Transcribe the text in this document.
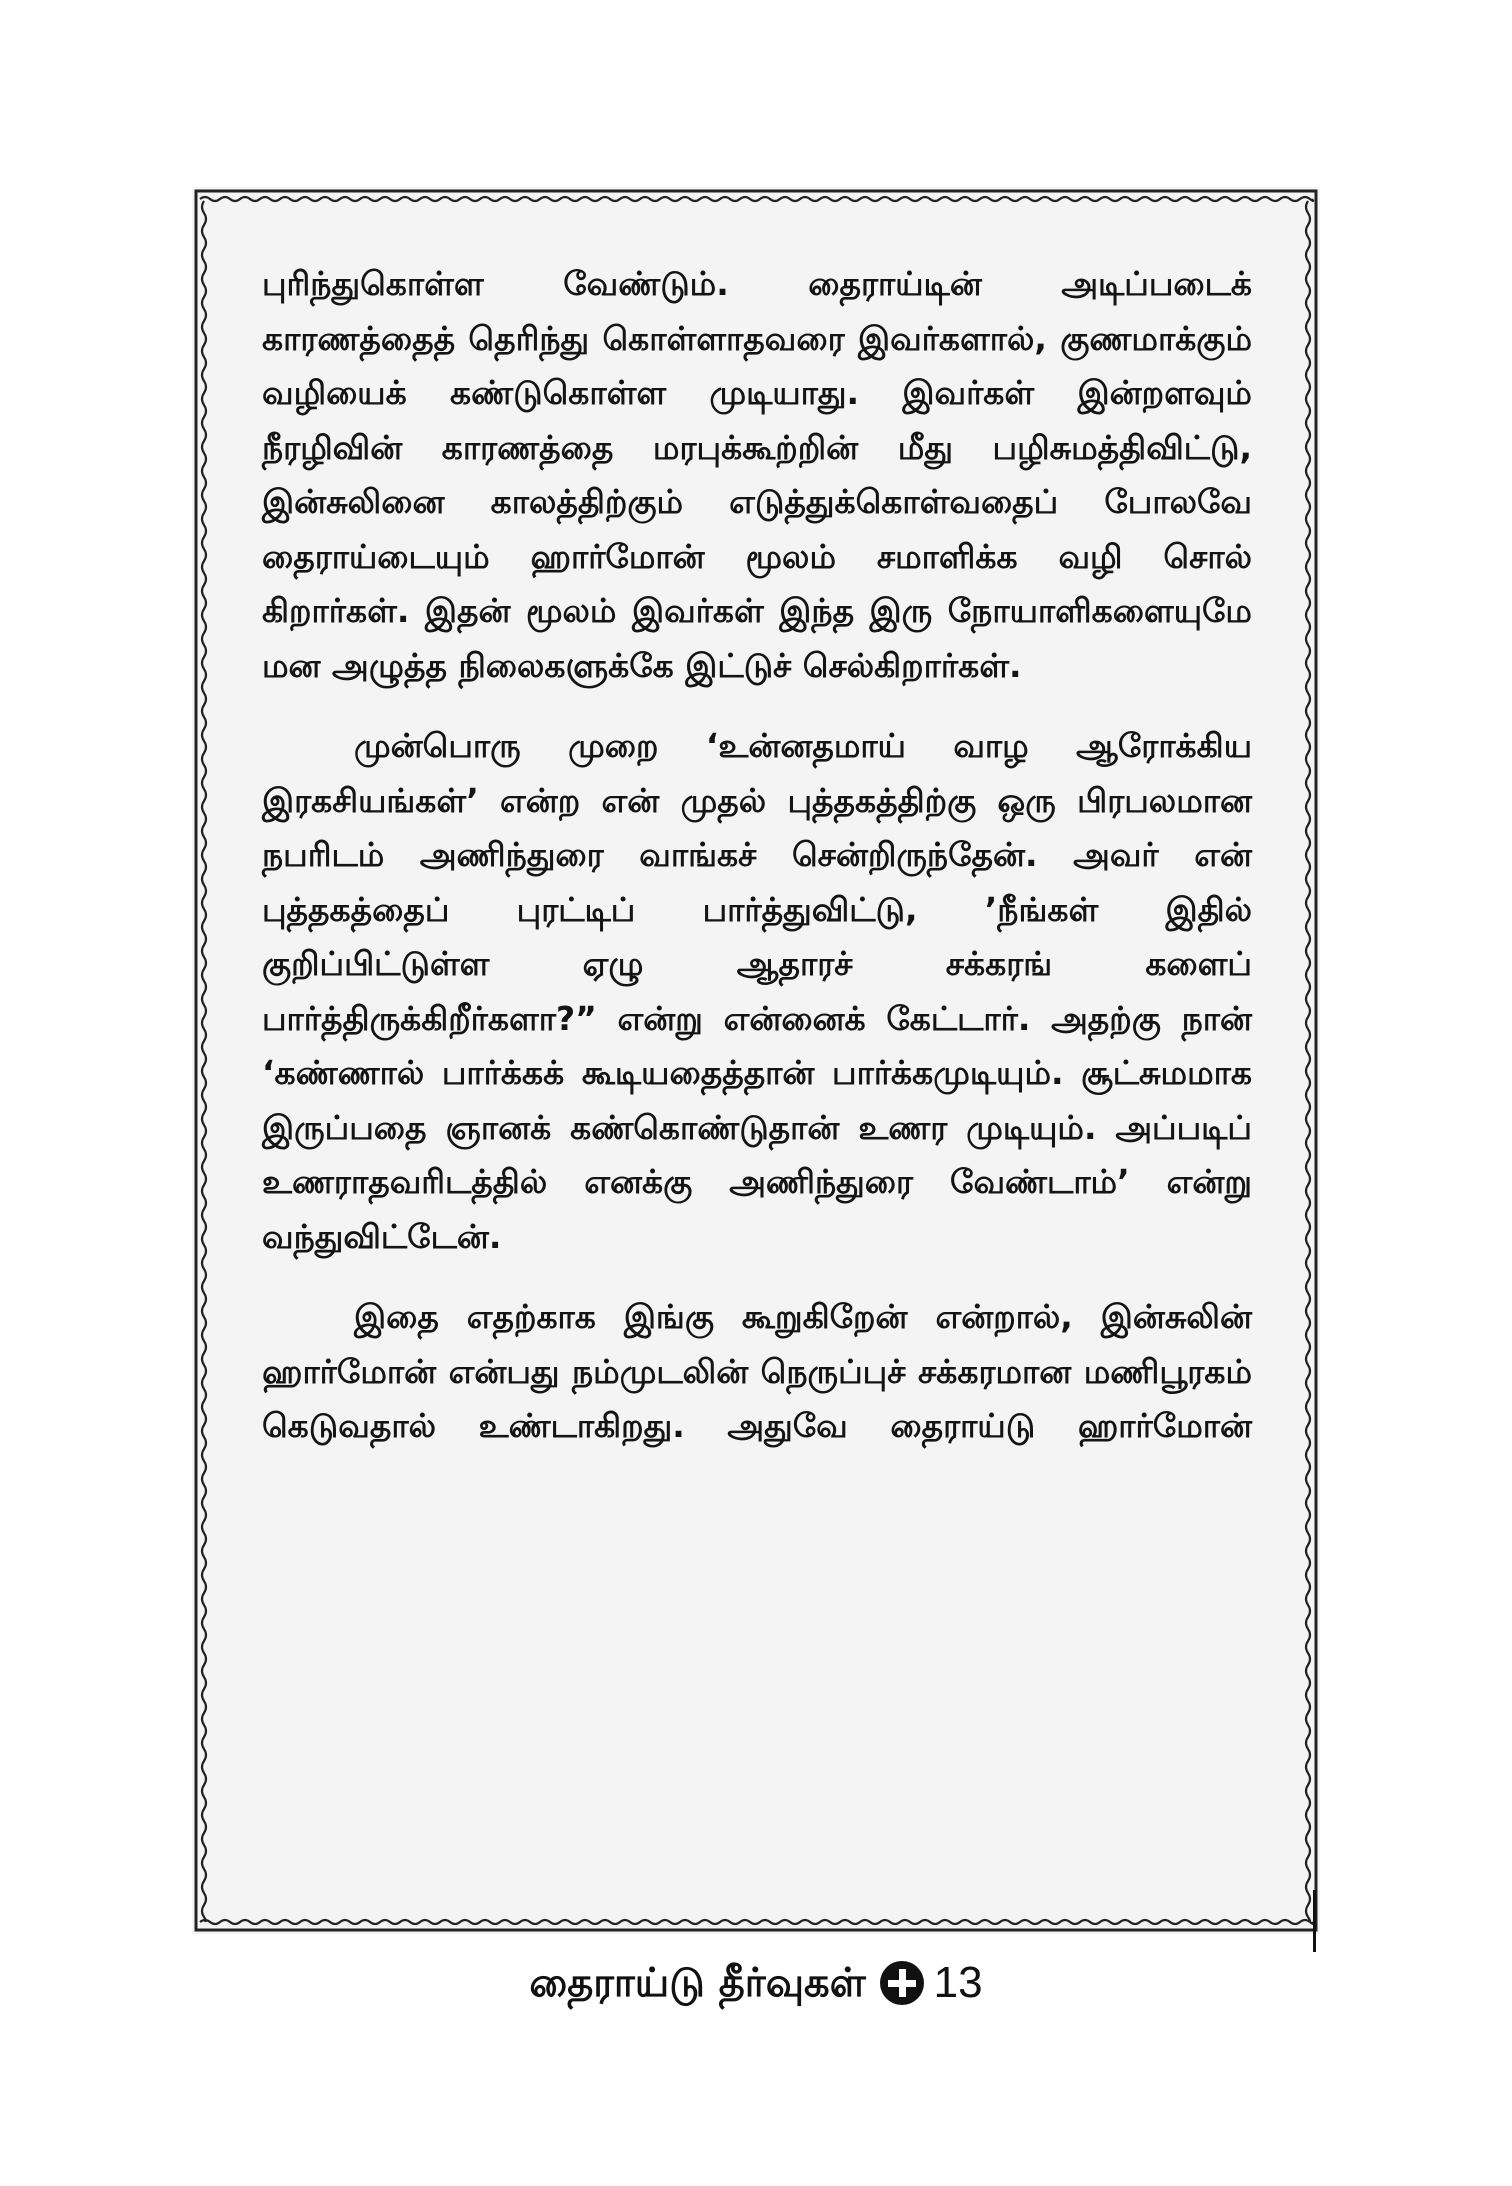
புரிந்துகொள்ள வேண்டும். தைராய்டின் அடிப்படைக் காரணத்தைத் தெரிந்து கொள்ளாதவரை இவர்களால், குணமாக்கும் வழியைக் கண்டுகொள்ள முடியாது. இவர்கள் இன்றளவும் நீரழிவின் காரணத்தை மரபுக்கூற்றின் மீது பழிசுமத்திவிட்டு, இன்சுலினை காலத்திற்கும் எடுத்துக்கொள்வதைப் போலவே தைராய்டையும் ஹார்மோன் மூலம் சமாளிக்க வழி சொல் கிறார்கள். இதன் மூலம் இவர்கள் இந்த இரு நோயாளிகளையுமே மன அழுத்த நிலைகளுக்கே இட்டுச் செல்கிறார்கள்.

முன்பொரு முறை ‘உன்னதமாய் வாழ ஆரோக்கிய இரகசியங்கள்’ என்ற என் முதல் புத்தகத்திற்கு ஒரு பிரபலமான நபரிடம் அணிந்துரை வாங்கச் சென்றிருந்தேன். அவர் என் புத்தகத்தைப் புரட்டிப் பார்த்துவிட்டு, ’நீங்கள் இதில் குறிப்பிட்டுள்ள ஏழு ஆதாரச் சக்கரங் களைப் பார்த்திருக்கிறீர்களா?” என்று என்னைக் கேட்டார். அதற்கு நான் ‘கண்ணால் பார்க்கக் கூடியதைத்தான் பார்க்கமுடியும். சூட்சுமமாக இருப்பதை ஞானக் கண்கொண்டுதான் உணர முடியும். அப்படிப் உணராதவரிடத்தில் எனக்கு அணிந்துரை வேண்டாம்’ என்று வந்துவிட்டேன்.

இதை எதற்காக இங்கு கூறுகிறேன் என்றால், இன்சுலின் ஹார்மோன் என்பது நம்முடலின் நெருப்புச் சக்கரமான மணிபூரகம் கெடுவதால் உண்டாகிறது. அதுவே தைராய்டு ஹார்மோன்

தைராய்டு தீர்வுகள் 13
